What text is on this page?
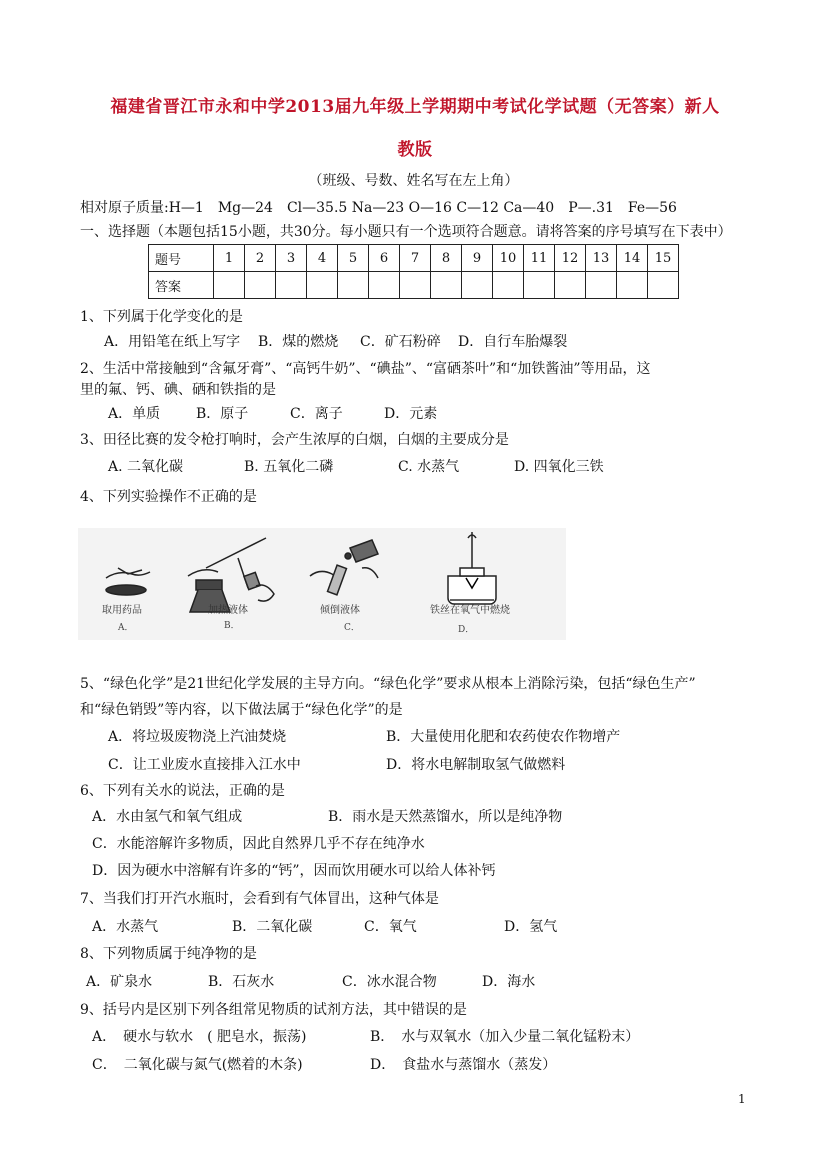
福建省晋江市永和中学2013届九年级上学期期中考试化学试题（无答案）新人
教版
（班级、号数、姓名写在左上角）
相对原子质量:H—1　Mg—24　Cl—35.5 Na—23 O—16 C—12 Ca—40　P—.31　Fe—56
一、选择题（本题包括15小题，共30分。每小题只有一个选项符合题意。请将答案的序号填写在下表中）
题号	1	2	3	4	5	6	7	8	9	10	11	12	13	14	15
答案															
1、下列属于化学变化的是
A．用铅笔在纸上写字 B．煤的燃烧 C．矿石粉碎 D．自行车胎爆裂
2、生活中常接触到“含氟牙膏”、“高钙牛奶”、“碘盐”、“富硒茶叶”和“加铁酱油”等用品，这
里的氟、钙、碘、硒和铁指的是
A．单质	B．原子	C．离子	D．元素
3、田径比赛的发令枪打响时，会产生浓厚的白烟，白烟的主要成分是
A. 二氧化碳	B. 五氧化二磷	C. 水蒸气	D. 四氧化三铁
4、下列实验操作不正确的是
取用药品	加热液体	倾倒液体	铁丝在氧气中燃烧
A．	B．	C．	D．
5、“绿色化学”是21世纪化学发展的主导方向。“绿色化学”要求从根本上消除污染，包括“绿色生产”
和“绿色销毁”等内容，以下做法属于“绿色化学”的是
A．将垃圾废物浇上汽油焚烧	B．大量使用化肥和农药使农作物增产
C．让工业废水直接排入江水中	D．将水电解制取氢气做燃料
6、下列有关水的说法，正确的是
A．水由氢气和氧气组成	B．雨水是天然蒸馏水，所以是纯净物
C．水能溶解许多物质，因此自然界几乎不存在纯净水
D．因为硬水中溶解有许多的“钙”，因而饮用硬水可以给人体补钙
7、当我们打开汽水瓶时，会看到有气体冒出，这种气体是
A．水蒸气	B．二氧化碳	C．氧气	D．氢气
8、下列物质属于纯净物的是
A．矿泉水	B．石灰水	C．冰水混合物	D．海水
9、括号内是区别下列各组常见物质的试剂方法，其中错误的是
A．　硬水与软水　( 肥皂水，振荡)	B．　水与双氧水（加入少量二氧化锰粉末）
C．　二氧化碳与氮气(燃着的木条)	D．　食盐水与蒸馏水（蒸发）
1
